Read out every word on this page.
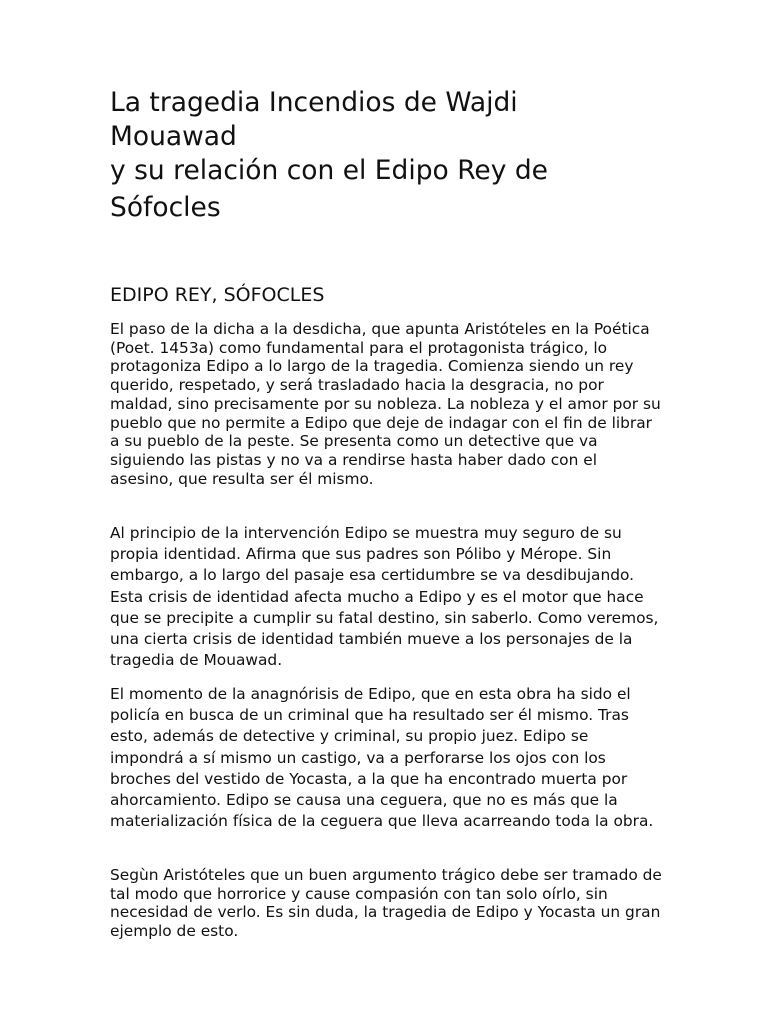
La tragedia Incendios de Wajdi
Mouawad
y su relación con el Edipo Rey de
Sófocles
EDIPO REY, SÓFOCLES

El paso de la dicha a la desdicha, que apunta Aristóteles en la Poética (Poet. 1453a) como fundamental para el protagonista trágico, lo protagoniza Edipo a lo largo de la tragedia. Comienza siendo un rey querido, respetado, y será trasladado hacia la desgracia, no por maldad, sino precisamente por su nobleza. La nobleza y el amor por su pueblo que no permite a Edipo que deje de indagar con el fin de librar a su pueblo de la peste. Se presenta como un detective que va siguiendo las pistas y no va a rendirse hasta haber dado con el asesino, que resulta ser él mismo.

Al principio de la intervención Edipo se muestra muy seguro de su propia identidad. Afirma que sus padres son Pólibo y Mérope. Sin embargo, a lo largo del pasaje esa certidumbre se va desdibujando. Esta crisis de identidad afecta mucho a Edipo y es el motor que hace que se precipite a cumplir su fatal destino, sin saberlo. Como veremos, una cierta crisis de identidad también mueve a los personajes de la tragedia de Mouawad.

El momento de la anagnórisis de Edipo, que en esta obra ha sido el policía en busca de un criminal que ha resultado ser él mismo. Tras esto, además de detective y criminal, su propio juez. Edipo se impondrá a sí mismo un castigo, va a perforarse los ojos con los broches del vestido de Yocasta, a la que ha encontrado muerta por ahorcamiento. Edipo se causa una ceguera, que no es más que la materialización física de la ceguera que lleva acarreando toda la obra.

Segùn Aristóteles que un buen argumento trágico debe ser tramado de tal modo que horrorice y cause compasión con tan solo oírlo, sin necesidad de verlo. Es sin duda, la tragedia de Edipo y Yocasta un gran ejemplo de esto.
